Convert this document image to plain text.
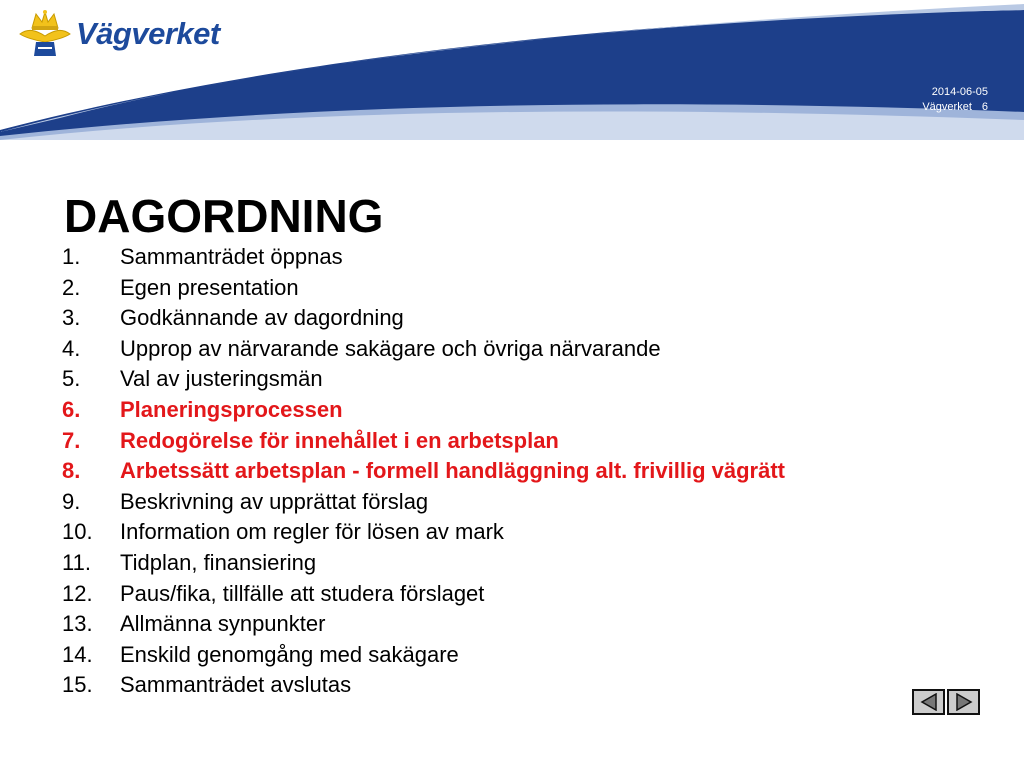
Vägverket
2014-06-05
Vägverket 6
DAGORDNING
1.	Sammanträdet öppnas
2.	Egen presentation
3.	Godkännande av dagordning
4.	Upprop av närvarande sakägare och övriga närvarande
5.	Val av justeringsmän
6.	Planeringsprocessen
7.	Redogörelse för innehållet i en arbetsplan
8.	Arbetssätt arbetsplan - formell handläggning alt. frivillig vägrätt
9.	Beskrivning av upprättat förslag
10.	Information om regler för lösen av mark
11.	Tidplan, finansiering
12.	Paus/fika, tillfälle att studera förslaget
13.	Allmänna synpunkter
14.	Enskild genomgång med sakägare
15.	Sammanträdet avslutas
